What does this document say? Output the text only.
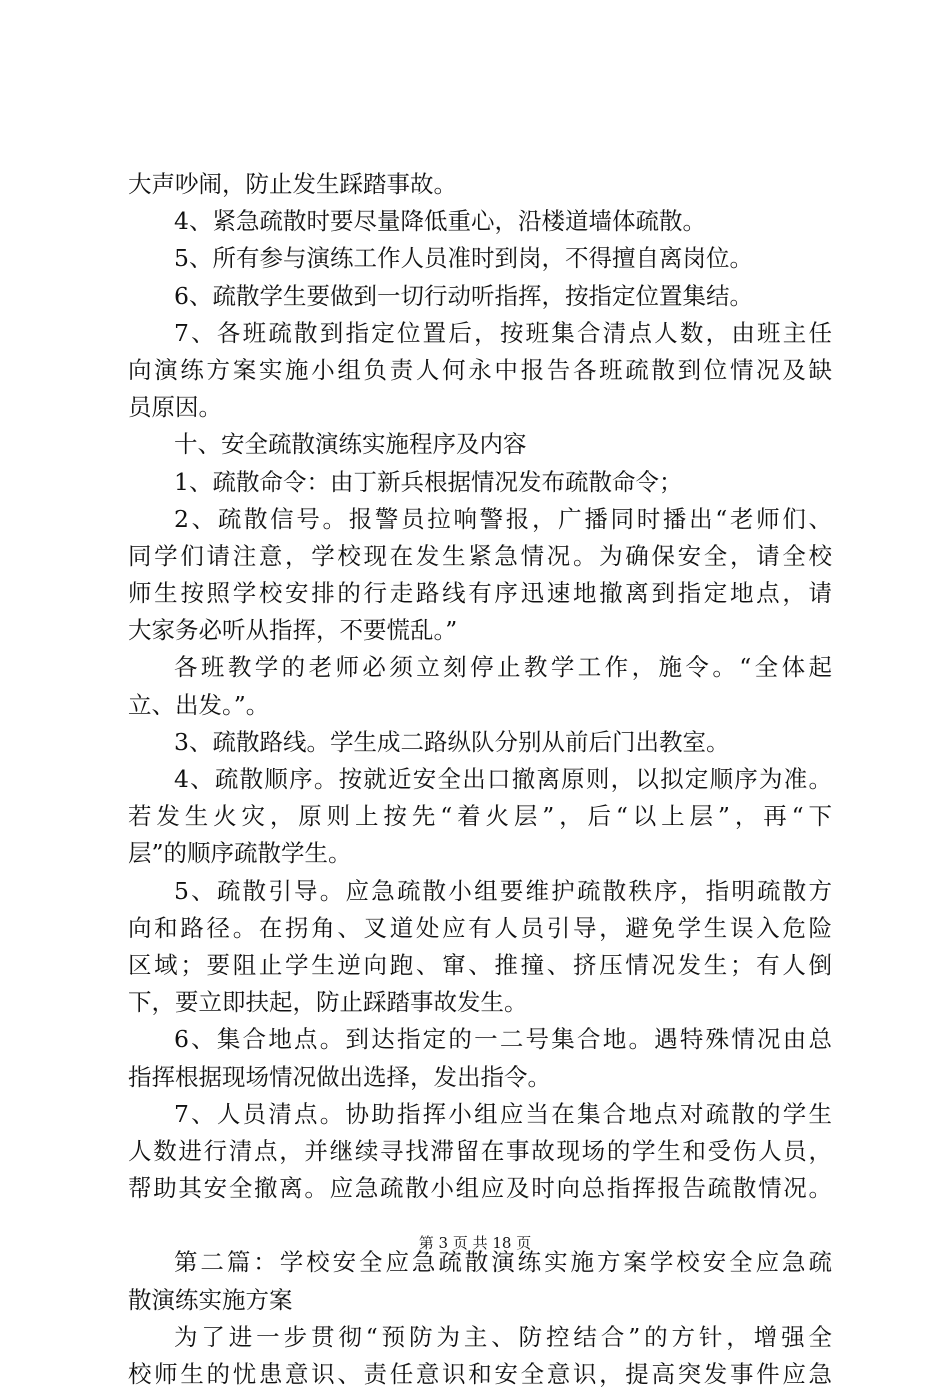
大声吵闹，防止发生踩踏事故。
4、紧急疏散时要尽量降低重心，沿楼道墙体疏散。
5、所有参与演练工作人员准时到岗，不得擅自离岗位。
6、疏散学生要做到一切行动听指挥，按指定位置集结。
7、各班疏散到指定位置后，按班集合清点人数，由班主任
向演练方案实施小组负责人何永中报告各班疏散到位情况及缺
员原因。
十、安全疏散演练实施程序及内容
1、疏散命令：由丁新兵根据情况发布疏散命令；
2、疏散信号。报警员拉响警报，广播同时播出“老师们、
同学们请注意，学校现在发生紧急情况。为确保安全，请全校
师生按照学校安排的行走路线有序迅速地撤离到指定地点，请
大家务必听从指挥，不要慌乱。”
各班教学的老师必须立刻停止教学工作，施令。“全体起
立、出发。”。
3、疏散路线。学生成二路纵队分别从前后门出教室。
4、疏散顺序。按就近安全出口撤离原则，以拟定顺序为准。
若发生火灾，原则上按先“着火层”，后“以上层”，再“下
层”的顺序疏散学生。
5、疏散引导。应急疏散小组要维护疏散秩序，指明疏散方
向和路径。在拐角、叉道处应有人员引导，避免学生误入危险
区域；要阻止学生逆向跑、窜、推撞、挤压情况发生；有人倒
下，要立即扶起，防止踩踏事故发生。
6、集合地点。到达指定的一二号集合地。遇特殊情况由总
指挥根据现场情况做出选择，发出指令。
7、人员清点。协助指挥小组应当在集合地点对疏散的学生
人数进行清点，并继续寻找滞留在事故现场的学生和受伤人员，
帮助其安全撤离。应急疏散小组应及时向总指挥报告疏散情况。
第二篇：学校安全应急疏散演练实施方案学校安全应急疏
散演练实施方案
为了进一步贯彻“预防为主、防控结合”的方针，增强全
校师生的忧患意识、责任意识和安全意识，提高突发事件应急
第 3 页 共 18 页
